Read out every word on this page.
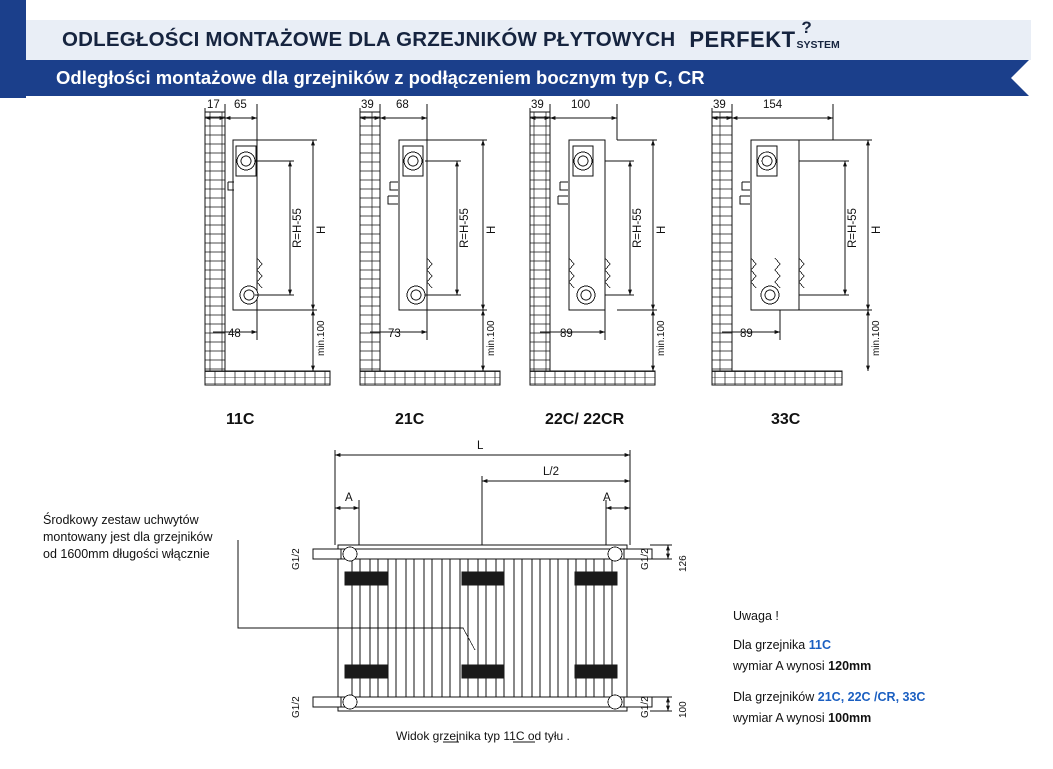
ODLEGŁOŚCI MONTAŻOWE DLA GRZEJNIKÓW PŁYTOWYCH PERFEKT SYSTEM
?
Odległości montażowe dla grzejników z podłączeniem bocznym typ C, CR
17 65
R=H-55 H
min.100
48
11C
39 68
R=H-55 H
min.100
73
21C
39 100
R=H-55 H
min.100
89
22C/ 22CR
39	154
R=H-55 H
min.100
89
33C
L
L/2
A	A
G1/2	G1/2
G1/2	G1/2
126
100
Widok grzejnika typ 11C od tyłu .
Środkowy zestaw uchwytów
montowany jest dla grzejników
od 1600mm długości włącznie
Uwaga !
Dla grzejnika 11C
wymiar A wynosi 120mm
Dla grzejników 21C, 22C /CR, 33C
wymiar A wynosi 100mm
